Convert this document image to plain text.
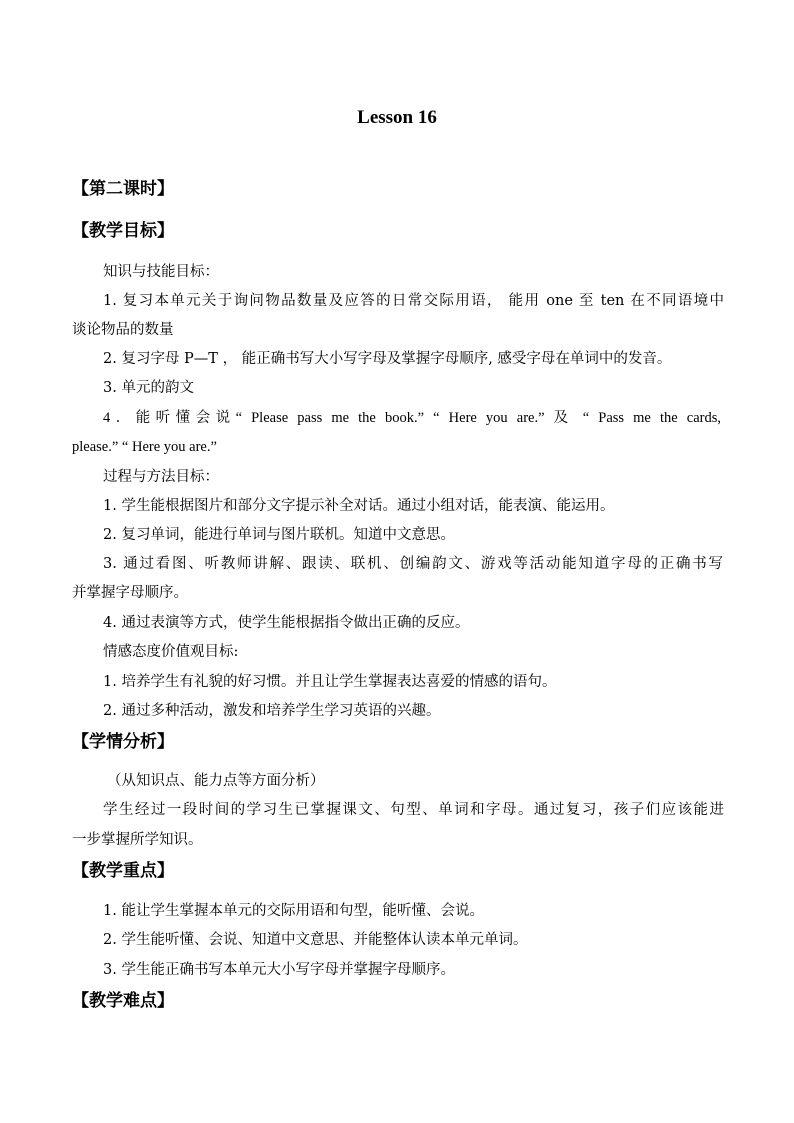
Lesson 16
【第二课时】
【教学目标】
知识与技能目标：
1. 复习本单元关于询问物品数量及应答的日常交际用语， 能用 one 至 ten 在不同语境中
谈论物品的数量
2. 复习字母 P—T ， 能正确书写大小写字母及掌握字母顺序, 感受字母在单词中的发音。
3. 单元的韵文
4．能听懂会说“ Please pass me the book.” “ Here you are.” 及 “ Pass me the cards,
please.” “ Here you are.”
过程与方法目标：
1. 学生能根据图片和部分文字提示补全对话。通过小组对话，能表演、能运用。
2. 复习单词，能进行单词与图片联机。知道中文意思。
3. 通过看图、听教师讲解、跟读、联机、创编韵文、游戏等活动能知道字母的正确书写
并掌握字母顺序。
4. 通过表演等方式，使学生能根据指令做出正确的反应。
情感态度价值观目标:
1. 培养学生有礼貌的好习惯。并且让学生掌握表达喜爱的情感的语句。
2. 通过多种活动，激发和培养学生学习英语的兴趣。
【学情分析】
（从知识点、能力点等方面分析）
学生经过一段时间的学习生已掌握课文、句型、单词和字母。通过复习，孩子们应该能进
一步掌握所学知识。
【教学重点】
1. 能让学生掌握本单元的交际用语和句型，能听懂、会说。
2. 学生能听懂、会说、知道中文意思、并能整体认读本单元单词。
3. 学生能正确书写本单元大小写字母并掌握字母顺序。
【教学难点】
